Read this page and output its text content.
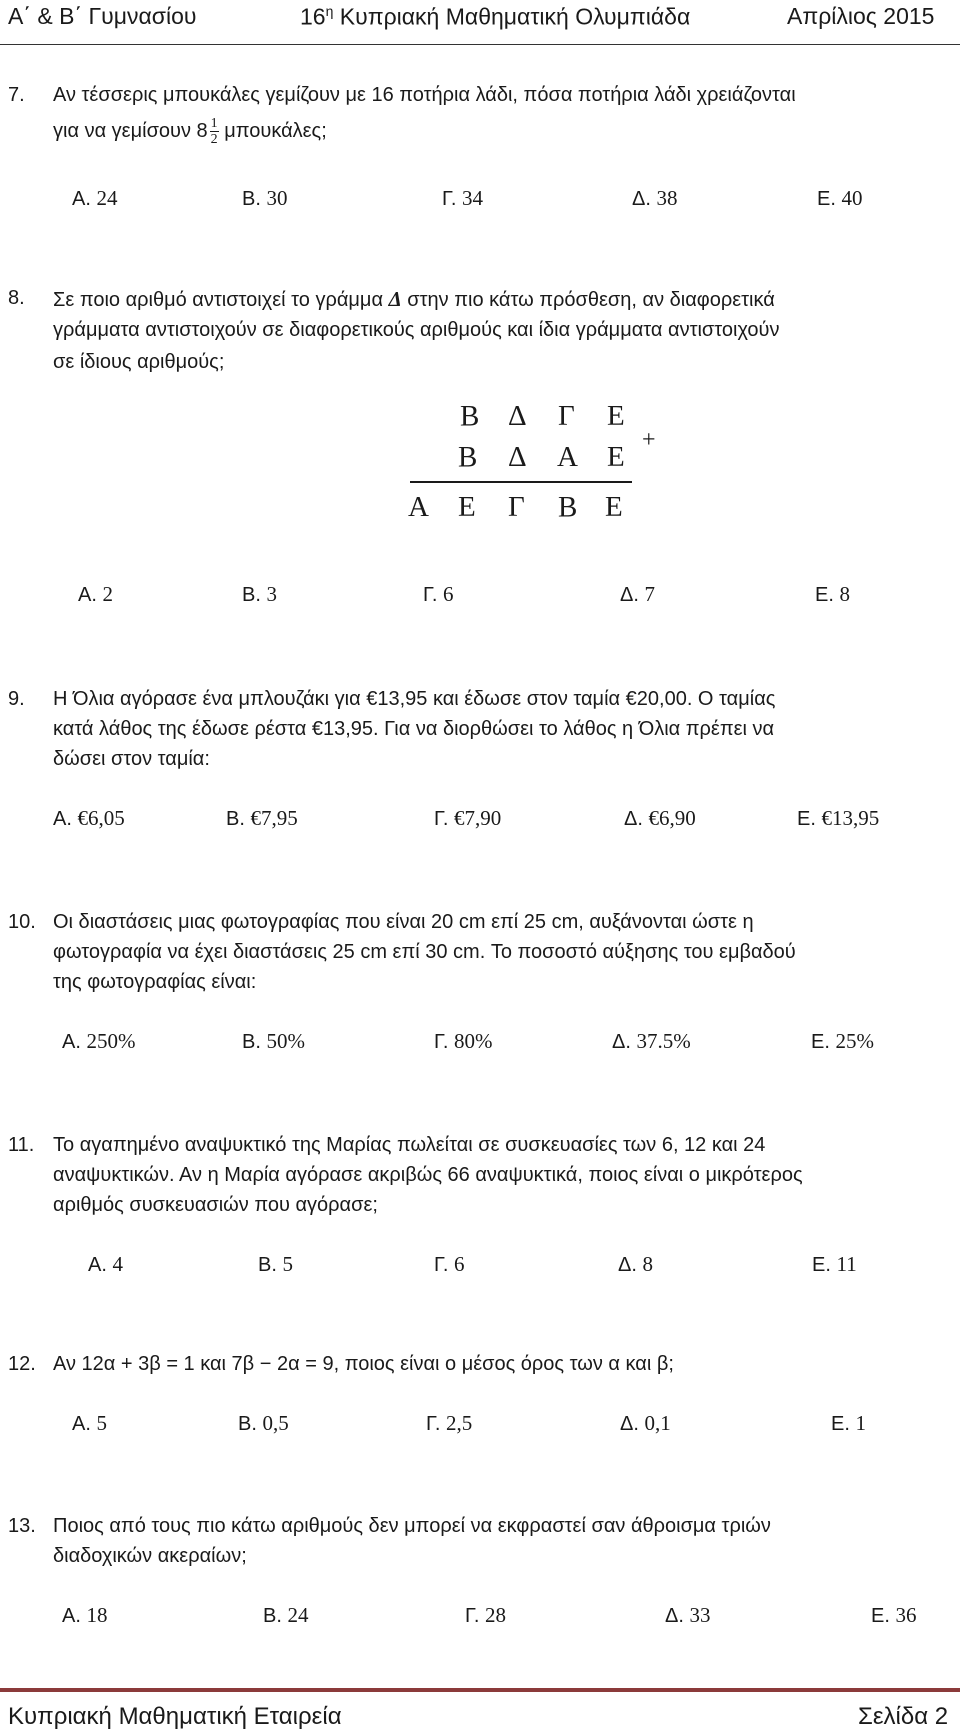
Α΄ & Β΄ Γυμνασίου	$16^\eta$ Κυπριακή Μαθηματική Ολυμπιάδα	Απρίλιος 2015
7. Αν τέσσερις μπουκάλες γεμίζουν με 16 ποτήρια λάδι, πόσα ποτήρια λάδι χρειάζονται
για να γεμίσουν $8 \frac{1}{2} \mu\pi o\upsilon\kappa ά\lambda\varepsilon\varsigma$;
Α. 24	Β. 30	Γ. 34	Δ. 38	Ε. 40
8. Σε ποιο αριθμό αντιστοιχεί το γράμμα Δ στην πιο κάτω πρόσθεση, αν διαφορετικά
γράμματα αντιστοιχούν σε διαφορετικούς αριθμούς και ίδια γράμματα αντιστοιχούν
σε ίδιους αριθμούς;
Β Δ Γ Ε
Β Δ Α Ε
+
Α Ε Γ Β Ε
Α. 2	Β. 3	Γ. 6	Δ. 7	Ε. 8
9. Η Όλια αγόρασε ένα μπλουζάκι για €13,95 και έδωσε στον ταμία €20,00. Ο ταμίας
κατά λάθος της έδωσε ρέστα €13,95. Για να διορθώσει το λάθος η Όλια πρέπει να
δώσει στον ταμία:
Α. €6,05	Β. €7,95	Γ. €7,90	Δ. €6,90	Ε. €13,95
10. Οι διαστάσεις μιας φωτογραφίας που είναι 20 cm επί 25 cm, αυξάνονται ώστε η
φωτογραφία να έχει διαστάσεις 25 cm επί 30 cm. Το ποσοστό αύξησης του εμβαδού
της φωτογραφίας είναι:
Α. 250%	Β. 50%	Γ. 80%	Δ. 37.5%	Ε. 25%
11. Το αγαπημένο αναψυκτικό της Μαρίας πωλείται σε συσκευασίες των 6, 12 και 24
αναψυκτικών. Αν η Μαρία αγόρασε ακριβώς 66 αναψυκτικά, ποιος είναι ο μικρότερος
αριθμός συσκευασιών που αγόρασε;
Α. 4	Β. 5	Γ. 6	Δ. 8	Ε. 11
12. Αν 12α + 3β = 1 και 7β − 2α = 9, ποιος είναι ο μέσος όρος των α και β;
Α. 5	Β. 0,5	Γ. 2,5	Δ. 0,1	Ε. 1
13. Ποιος από τους πιο κάτω αριθμούς δεν μπορεί να εκφραστεί σαν άθροισμα τριών
διαδοχικών ακεραίων;
Α. 18	Β. 24	Γ. 28	Δ. 33	Ε. 36
Κυπριακή Μαθηματική Εταιρεία	Σελίδα 2
